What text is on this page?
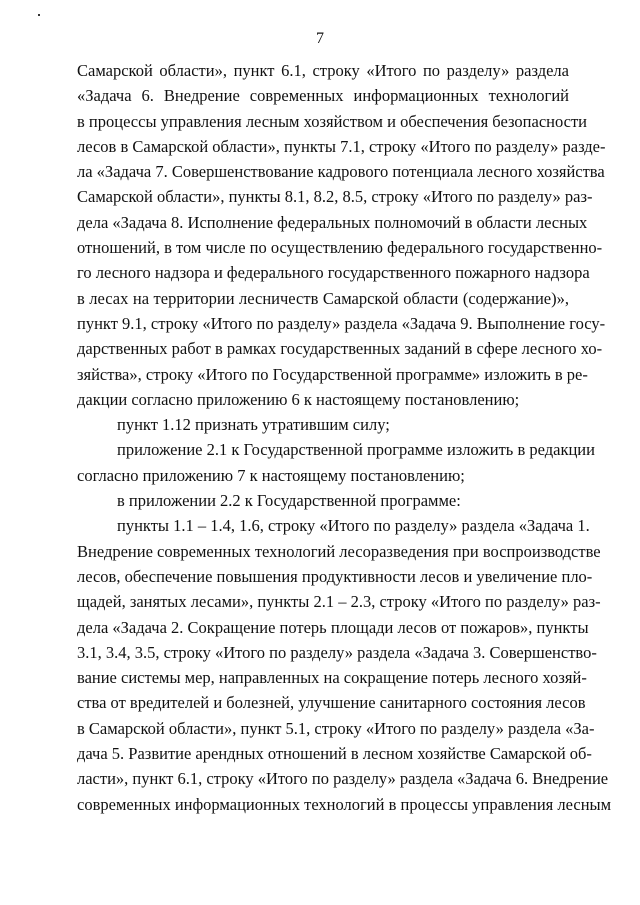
7
Самарской области», пункт 6.1, строку «Итого по разделу» раздела
«Задача 6. Внедрение современных информационных технологий
в процессы управления лесным хозяйством и обеспечения безопасности
лесов в Самарской области», пункты 7.1, строку «Итого по разделу» разде-
ла «Задача 7. Совершенствование кадрового потенциала лесного хозяйства
Самарской области», пункты 8.1, 8.2, 8.5, строку «Итого по разделу» раз-
дела «Задача 8. Исполнение федеральных полномочий в области лесных
отношений, в том числе по осуществлению федерального государственно-
го лесного надзора и федерального государственного пожарного надзора
в лесах на территории лесничеств Самарской области (содержание)»,
пункт 9.1, строку «Итого по разделу» раздела «Задача 9. Выполнение госу-
дарственных работ в рамках государственных заданий в сфере лесного хо-
зяйства», строку «Итого по Государственной программе» изложить в ре-
дакции согласно приложению 6 к настоящему постановлению;
пункт 1.12 признать утратившим силу;
приложение 2.1 к Государственной программе изложить в редакции
согласно приложению 7 к настоящему постановлению;
в приложении 2.2 к Государственной программе:
пункты 1.1 – 1.4, 1.6, строку «Итого по разделу» раздела «Задача 1.
Внедрение современных технологий лесоразведения при воспроизводстве
лесов, обеспечение повышения продуктивности лесов и увеличение пло-
щадей, занятых лесами», пункты 2.1 – 2.3, строку «Итого по разделу» раз-
дела «Задача 2. Сокращение потерь площади лесов от пожаров», пункты
3.1, 3.4, 3.5, строку «Итого по разделу» раздела «Задача 3. Совершенство-
вание системы мер, направленных на сокращение потерь лесного хозяй-
ства от вредителей и болезней, улучшение санитарного состояния лесов
в Самарской области», пункт 5.1, строку «Итого по разделу» раздела «За-
дача 5. Развитие арендных отношений в лесном хозяйстве Самарской об-
ласти», пункт 6.1, строку «Итого по разделу» раздела «Задача 6. Внедрение
современных информационных технологий в процессы управления лесным
